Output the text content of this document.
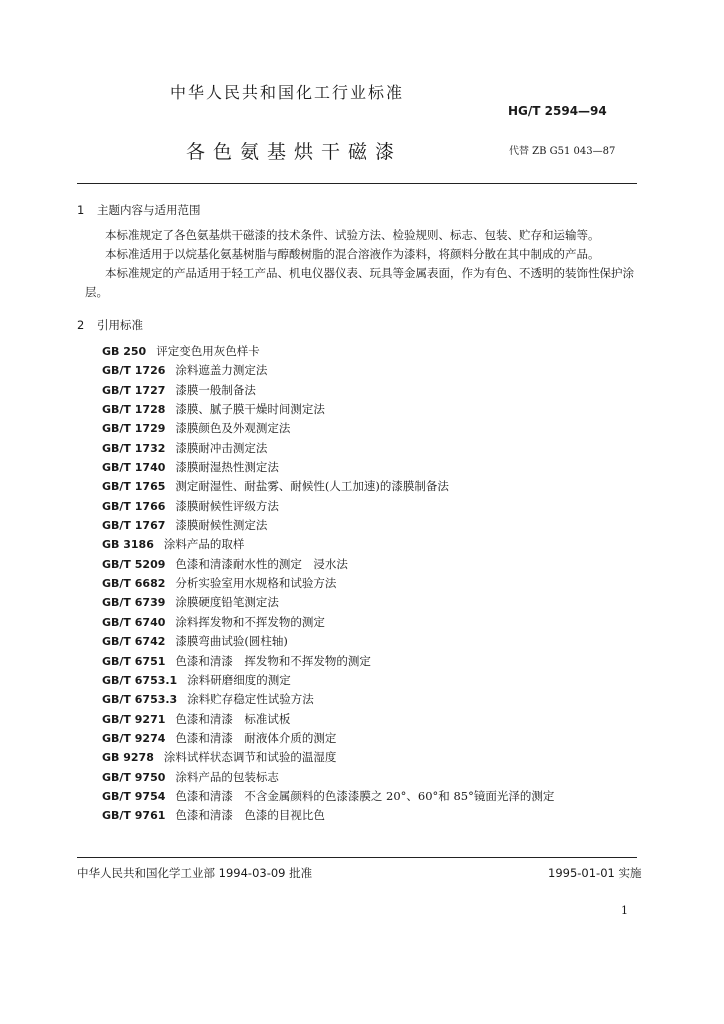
中华人民共和国化工行业标准
HG/T 2594—94
各色氨基烘干磁漆	代替 ZB G51 043—87
1 主题内容与适用范围
本标准规定了各色氨基烘干磁漆的技术条件、试验方法、检验规则、标志、包装、贮存和运输等。
本标准适用于以烷基化氨基树脂与醇酸树脂的混合溶液作为漆料，将颜料分散在其中制成的产品。
本标准规定的产品适用于轻工产品、机电仪器仪表、玩具等金属表面，作为有色、不透明的装饰性保护涂层。
2 引用标准
GB 250 评定变色用灰色样卡
GB/T 1726 涂料遮盖力测定法
GB/T 1727 漆膜一般制备法
GB/T 1728 漆膜、腻子膜干燥时间测定法
GB/T 1729 漆膜颜色及外观测定法
GB/T 1732 漆膜耐冲击测定法
GB/T 1740 漆膜耐湿热性测定法
GB/T 1765 测定耐湿性、耐盐雾、耐候性(人工加速)的漆膜制备法
GB/T 1766 漆膜耐候性评级方法
GB/T 1767 漆膜耐候性测定法
GB 3186 涂料产品的取样
GB/T 5209 色漆和清漆耐水性的测定　浸水法
GB/T 6682 分析实验室用水规格和试验方法
GB/T 6739 涂膜硬度铅笔测定法
GB/T 6740 涂料挥发物和不挥发物的测定
GB/T 6742 漆膜弯曲试验(圆柱轴)
GB/T 6751 色漆和清漆　挥发物和不挥发物的测定
GB/T 6753.1 涂料研磨细度的测定
GB/T 6753.3 涂料贮存稳定性试验方法
GB/T 9271 色漆和清漆　标准试板
GB/T 9274 色漆和清漆　耐液体介质的测定
GB 9278 涂料试样状态调节和试验的温湿度
GB/T 9750 涂料产品的包装标志
GB/T 9754 色漆和清漆　不含金属颜料的色漆漆膜之 20°、60°和 85°镜面光泽的测定
GB/T 9761 色漆和清漆　色漆的目视比色
中华人民共和国化学工业部 1994-03-09 批准	1995-01-01 实施
1
